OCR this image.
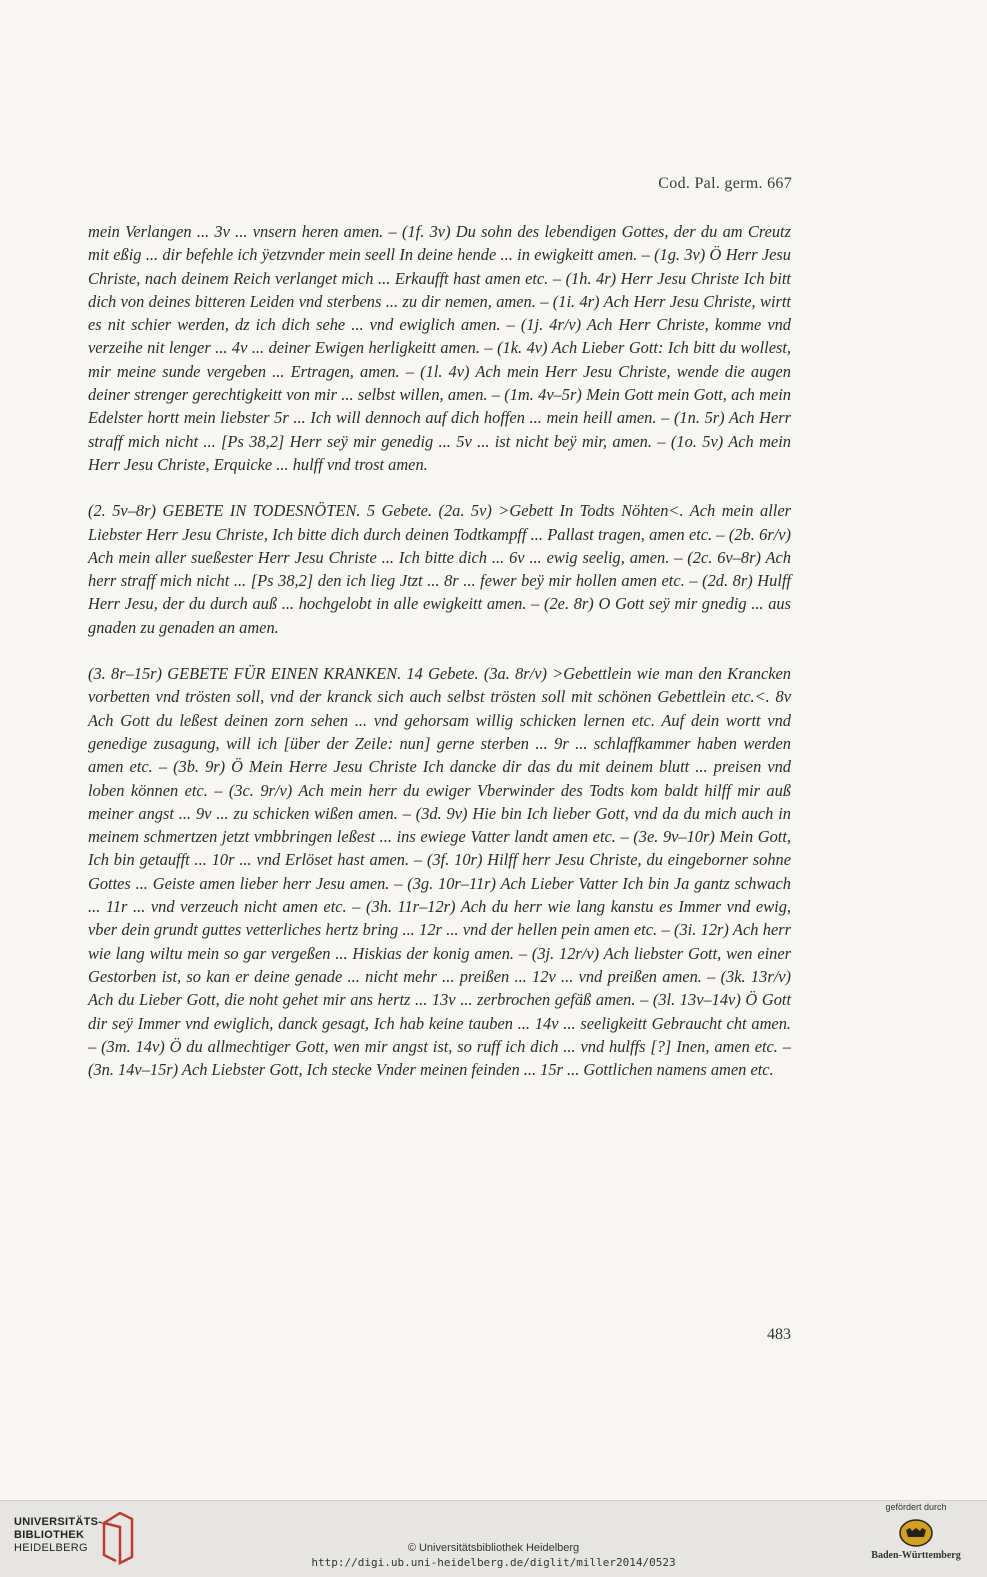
Cod. Pal. germ. 667

mein Verlangen ... 3v ... vnsern heren amen. – (1f. 3v) Du sohn des lebendigen Gottes, der du am Creutz mit eßig ... dir befehle ich ÿetzvnder mein seell In deine hende ... in ewigkeitt amen. – (1g. 3v) Ö Herr Jesu Christe, nach deinem Reich verlanget mich ... Erkaufft hast amen etc. – (1h. 4r) Herr Jesu Christe Ich bitt dich von deines bitteren Leiden vnd sterbens ... zu dir nemen, amen. – (1i. 4r) Ach Herr Jesu Christe, wirtt es nit schier werden, dz ich dich sehe ... vnd ewiglich amen. – (1j. 4r/v) Ach Herr Christe, komme vnd verzeihe nit lenger ... 4v ... deiner Ewigen herligkeitt amen. – (1k. 4v) Ach Lieber Gott: Ich bitt du wollest, mir meine sunde vergeben ... Ertragen, amen. – (1l. 4v) Ach mein Herr Jesu Christe, wende die augen deiner strenger gerechtigkeitt von mir ... selbst willen, amen. – (1m. 4v–5r) Mein Gott mein Gott, ach mein Edelster hortt mein liebster 5r ... Ich will dennoch auf dich hoffen ... mein heill amen. – (1n. 5r) Ach Herr straff mich nicht ... [Ps 38,2] Herr seÿ mir genedig ... 5v ... ist nicht beÿ mir, amen. – (1o. 5v) Ach mein Herr Jesu Christe, Erquicke ... hulff vnd trost amen.

(2. 5v–8r) GEBETE IN TODESNÖTEN. 5 Gebete. (2a. 5v) >Gebett In Todts Nöhten<. Ach mein aller Liebster Herr Jesu Christe, Ich bitte dich durch deinen Todtkampff ... Pallast tragen, amen etc. – (2b. 6r/v) Ach mein aller sueßester Herr Jesu Christe ... Ich bitte dich ... 6v ... ewig seelig, amen. – (2c. 6v–8r) Ach herr straff mich nicht ... [Ps 38,2] den ich lieg Jtzt ... 8r ... fewer beÿ mir hollen amen etc. – (2d. 8r) Hulff Herr Jesu, der du durch auß ... hochgelobt in alle ewigkeitt amen. – (2e. 8r) O Gott seÿ mir gnedig ... aus gnaden zu genaden an amen.

(3. 8r–15r) GEBETE FÜR EINEN KRANKEN. 14 Gebete. (3a. 8r/v) >Gebettlein wie man den Krancken vorbetten vnd trösten soll, vnd der kranck sich auch selbst trösten soll mit schönen Gebettlein etc.<. 8v Ach Gott du leßest deinen zorn sehen ... vnd gehorsam willig schicken lernen etc. Auf dein wortt vnd genedige zusagung, will ich [über der Zeile: nun] gerne sterben ... 9r ... schlaffkammer haben werden amen etc. – (3b. 9r) Ö Mein Herre Jesu Christe Ich dancke dir das du mit deinem blutt ... preisen vnd loben können etc. – (3c. 9r/v) Ach mein herr du ewiger Vberwinder des Todts kom baldt hilff mir auß meiner angst ... 9v ... zu schicken wißen amen. – (3d. 9v) Hie bin Ich lieber Gott, vnd da du mich auch in meinem schmertzen jetzt vmbbringen leßest ... ins ewiege Vatter landt amen etc. – (3e. 9v–10r) Mein Gott, Ich bin getaufft ... 10r ... vnd Erlöset hast amen. – (3f. 10r) Hilff herr Jesu Christe, du eingeborner sohne Gottes ... Geiste amen lieber herr Jesu amen. – (3g. 10r–11r) Ach Lieber Vatter Ich bin Ja gantz schwach ... 11r ... vnd verzeuch nicht amen etc. – (3h. 11r–12r) Ach du herr wie lang kanstu es Immer vnd ewig, vber dein grundt guttes vetterliches hertz bring ... 12r ... vnd der hellen pein amen etc. – (3i. 12r) Ach herr wie lang wiltu mein so gar vergeßen ... Hiskias der konig amen. – (3j. 12r/v) Ach liebster Gott, wen einer Gestorben ist, so kan er deine genade ... nicht mehr ... preißen ... 12v ... vnd preißen amen. – (3k. 13r/v) Ach du Lieber Gott, die noht gehet mir ans hertz ... 13v ... zerbrochen gefäß amen. – (3l. 13v–14v) Ö Gott dir seÿ Immer vnd ewiglich, danck gesagt, Ich hab keine tauben ... 14v ... seeligkeitt Gebraucht cht amen. – (3m. 14v) Ö du allmechtiger Gott, wen mir angst ist, so ruff ich dich ... vnd hulffs [?] Inen, amen etc. – (3n. 14v–15r) Ach Liebster Gott, Ich stecke Vnder meinen feinden ... 15r ... Gottlichen namens amen etc.

483
UNIVERSITÄTS-
BIBLIOTHEK
HEIDELBERG	© Universitätsbibliothek Heidelberg
http://digi.ub.uni-heidelberg.de/diglit/miller2014/0523
gefördert durch
Baden-Württemberg
